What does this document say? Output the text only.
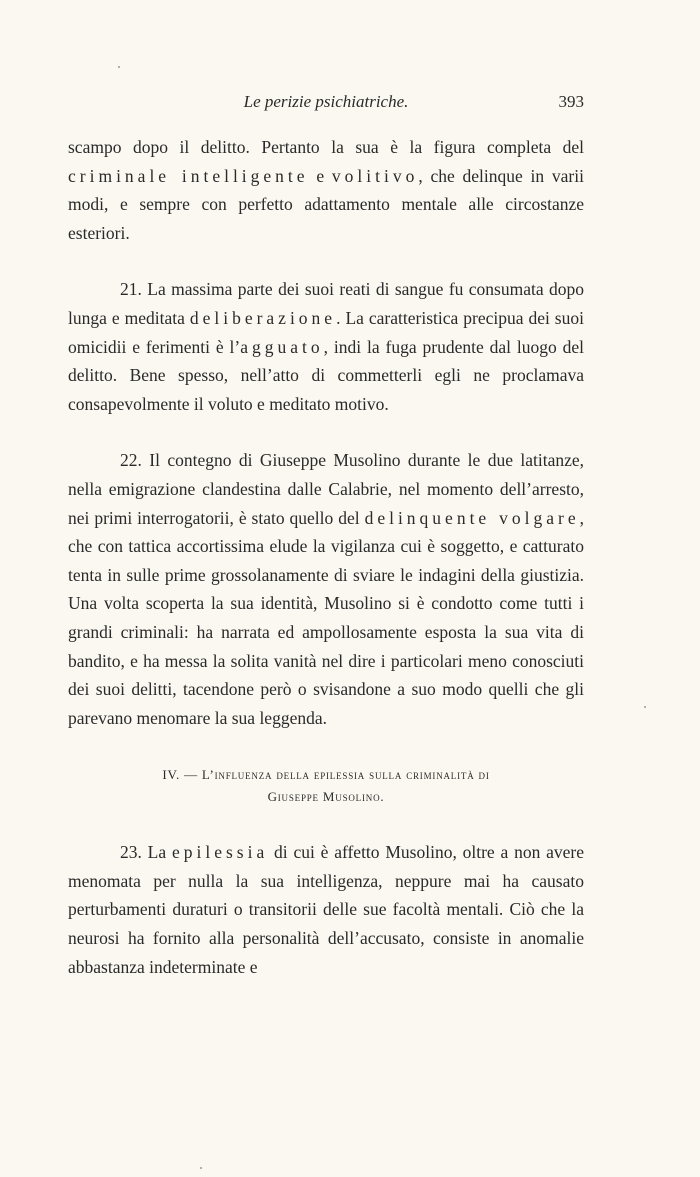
Le perizie psichiatriche.	393

scampo dopo il delitto. Pertanto la sua è la figura completa del criminale intelligente e volitivo, che delinque in varii modi, e sempre con perfetto adattamento mentale alle circostanze esteriori.

21. La massima parte dei suoi reati di sangue fu consumata dopo lunga e meditata deliberazione. La caratteristica precipua dei suoi omicidii e ferimenti è l’agguato, indi la fuga prudente dal luogo del delitto. Bene spesso, nell’atto di commetterli egli ne proclamava consapevolmente il voluto e meditato motivo.

22. Il contegno di Giuseppe Musolino durante le due latitanze, nella emigrazione clandestina dalle Calabrie, nel momento dell’arresto, nei primi interrogatorii, è stato quello del delinquente volgare, che con tattica accortissima elude la vigilanza cui è soggetto, e catturato tenta in sulle prime grossolanamente di sviare le indagini della giustizia. Una volta scoperta la sua identità, Musolino si è condotto come tutti i grandi criminali: ha narrata ed ampollosamente esposta la sua vita di bandito, e ha messa la solita vanità nel dire i particolari meno conosciuti dei suoi delitti, tacendone però o svisandone a suo modo quelli che gli parevano menomare la sua leggenda.

IV. — L’influenza della epilessia sulla criminalità di
Giuseppe Musolino.

23. La epilessia di cui è affetto Musolino, oltre a non avere menomata per nulla la sua intelligenza, neppure mai ha causato perturbamenti duraturi o transitorii delle sue facoltà mentali. Ciò che la neurosi ha fornito alla personalità dell’accusato, consiste in anomalie abbastanza indeterminate e
